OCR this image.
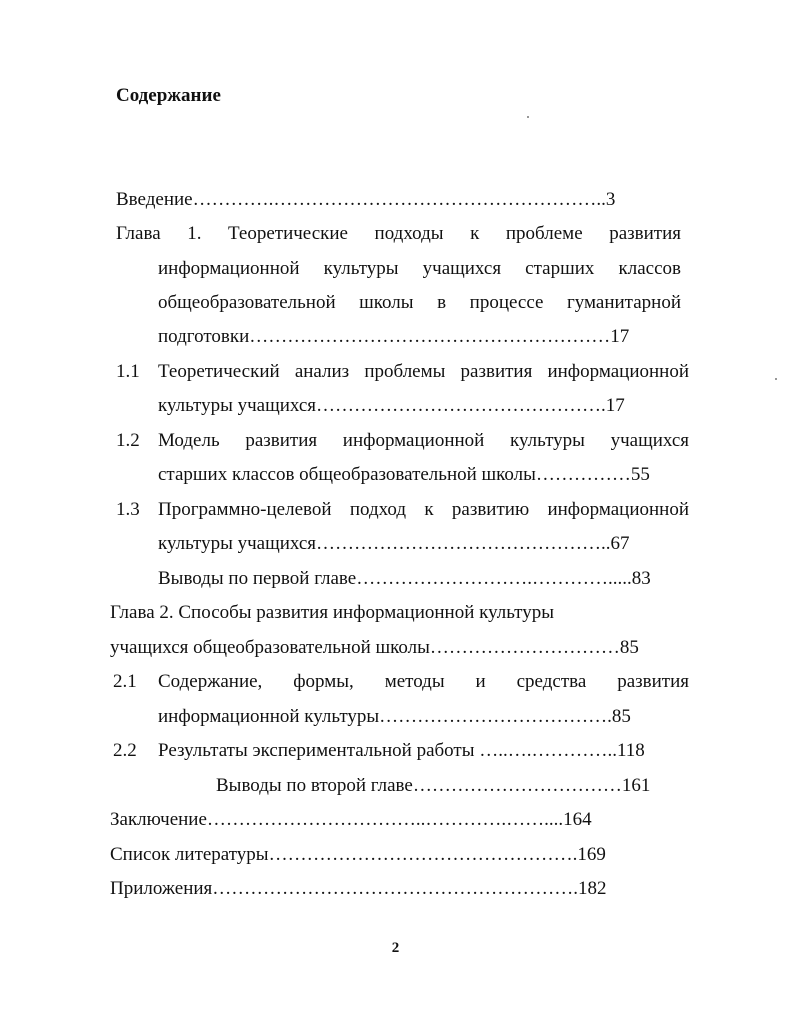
Содержание
Введение………….……………………………………………..3
Глава 1. Теоретические подходы к проблеме развития
информационной культуры учащихся старших классов
общеобразовательной школы в процессе гуманитарной
подготовки…………………………………………………17
1.1 Теоретический анализ проблемы развития информационной
культуры учащихся……………………………………….17
1.2 Модель развития информационной культуры учащихся
старших классов общеобразовательной школы……………55
1.3 Программно-целевой подход к развитию информационной
культуры учащихся………………………………………..67
Выводы по первой главе……………………….………….....83
Глава 2. Способы развития информационной культуры
учащихся общеобразовательной школы…………………………85
2.1 Содержание, формы, методы и средства развития
информационной культуры……………………………….85
2.2 Результаты экспериментальной работы …..….…………..118
Выводы по второй главе……………………………161
Заключение……………………………..………….……....164
Список литературы………………………………………….169
Приложения………………………………………………….182
2
